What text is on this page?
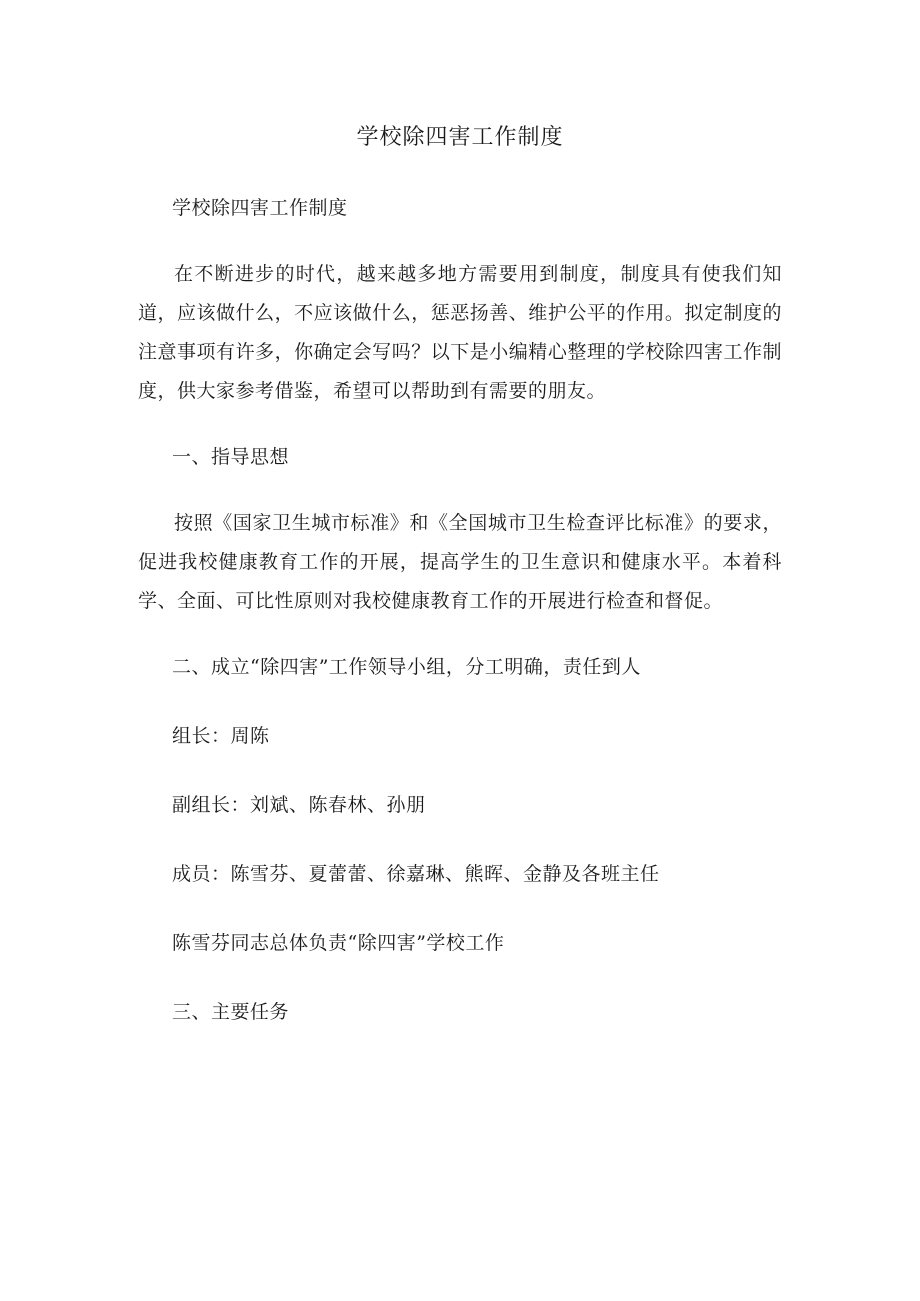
学校除四害工作制度
学校除四害工作制度

在不断进步的时代，越来越多地方需要用到制度，制度具有使我们知道，应该做什么，不应该做什么，惩恶扬善、维护公平的作用。拟定制度的注意事项有许多，你确定会写吗？以下是小编精心整理的学校除四害工作制度，供大家参考借鉴，希望可以帮助到有需要的朋友。

一、指导思想

按照《国家卫生城市标准》和《全国城市卫生检查评比标准》的要求，促进我校健康教育工作的开展，提高学生的卫生意识和健康水平。本着科学、全面、可比性原则对我校健康教育工作的开展进行检查和督促。

二、成立“除四害”工作领导小组，分工明确，责任到人
组长：周陈
副组长：刘斌、陈春林、孙朋
成员：陈雪芬、夏蕾蕾、徐嘉琳、熊晖、金静及各班主任
陈雪芬同志总体负责“除四害”学校工作
三、主要任务
